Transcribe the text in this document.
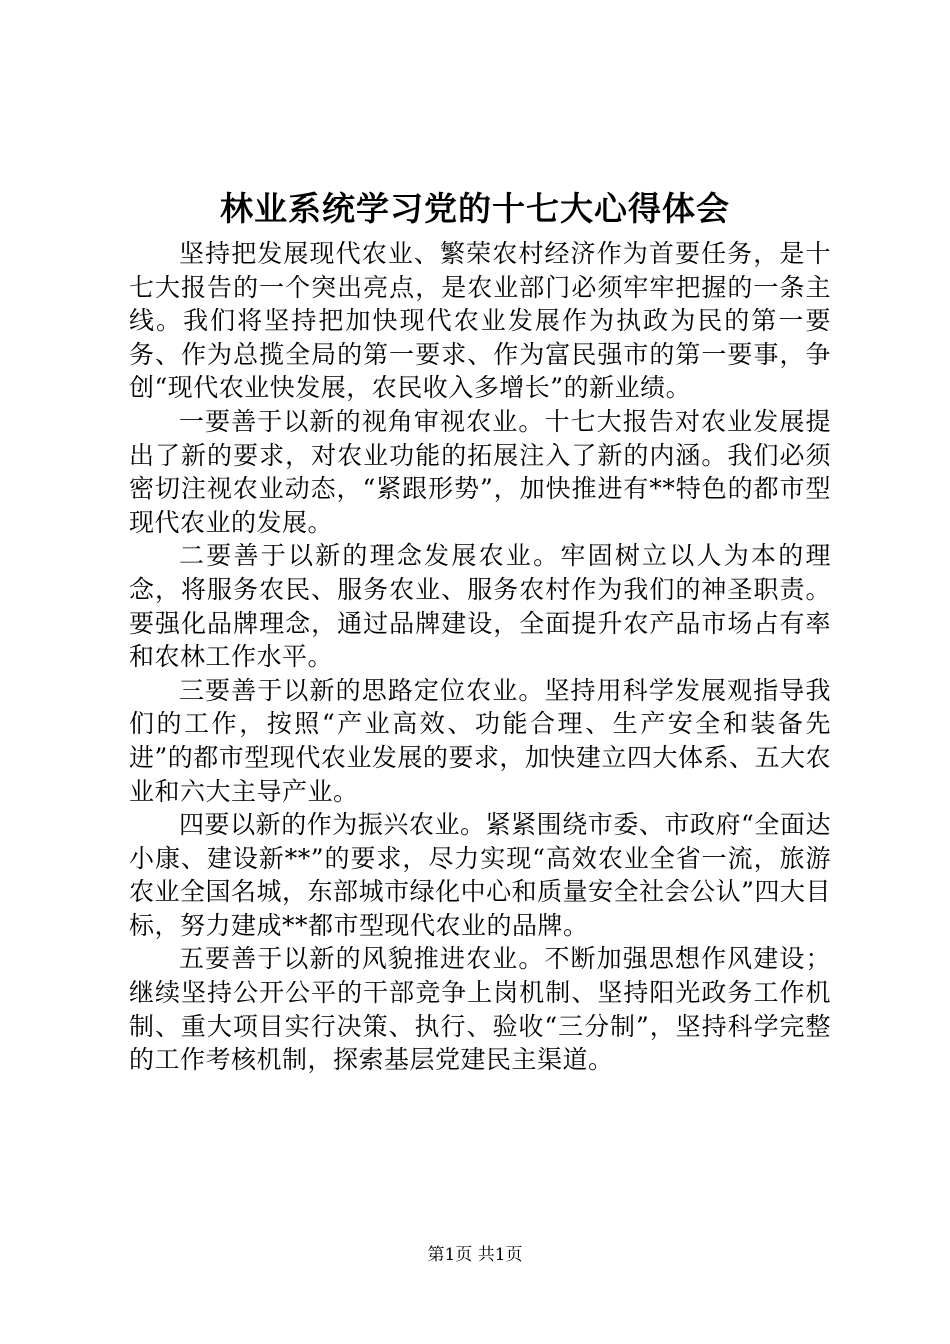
林业系统学习党的十七大心得体会

坚持把发展现代农业、繁荣农村经济作为首要任务，是十七大报告的一个突出亮点，是农业部门必须牢牢把握的一条主线。我们将坚持把加快现代农业发展作为执政为民的第一要务、作为总揽全局的第一要求、作为富民强市的第一要事，争创“现代农业快发展，农民收入多增长”的新业绩。

一要善于以新的视角审视农业。十七大报告对农业发展提出了新的要求，对农业功能的拓展注入了新的内涵。我们必须密切注视农业动态，“紧跟形势”，加快推进有**特色的都市型现代农业的发展。

二要善于以新的理念发展农业。牢固树立以人为本的理念，将服务农民、服务农业、服务农村作为我们的神圣职责。要强化品牌理念，通过品牌建设，全面提升农产品市场占有率和农林工作水平。

三要善于以新的思路定位农业。坚持用科学发展观指导我们的工作，按照“产业高效、功能合理、生产安全和装备先进”的都市型现代农业发展的要求，加快建立四大体系、五大农业和六大主导产业。

四要以新的作为振兴农业。紧紧围绕市委、市政府“全面达小康、建设新**”的要求，尽力实现“高效农业全省一流，旅游农业全国名城，东部城市绿化中心和质量安全社会公认”四大目标，努力建成**都市型现代农业的品牌。

五要善于以新的风貌推进农业。不断加强思想作风建设；继续坚持公开公平的干部竞争上岗机制、坚持阳光政务工作机制、重大项目实行决策、执行、验收“三分制”，坚持科学完整的工作考核机制，探索基层党建民主渠道。

第1页 共1页
